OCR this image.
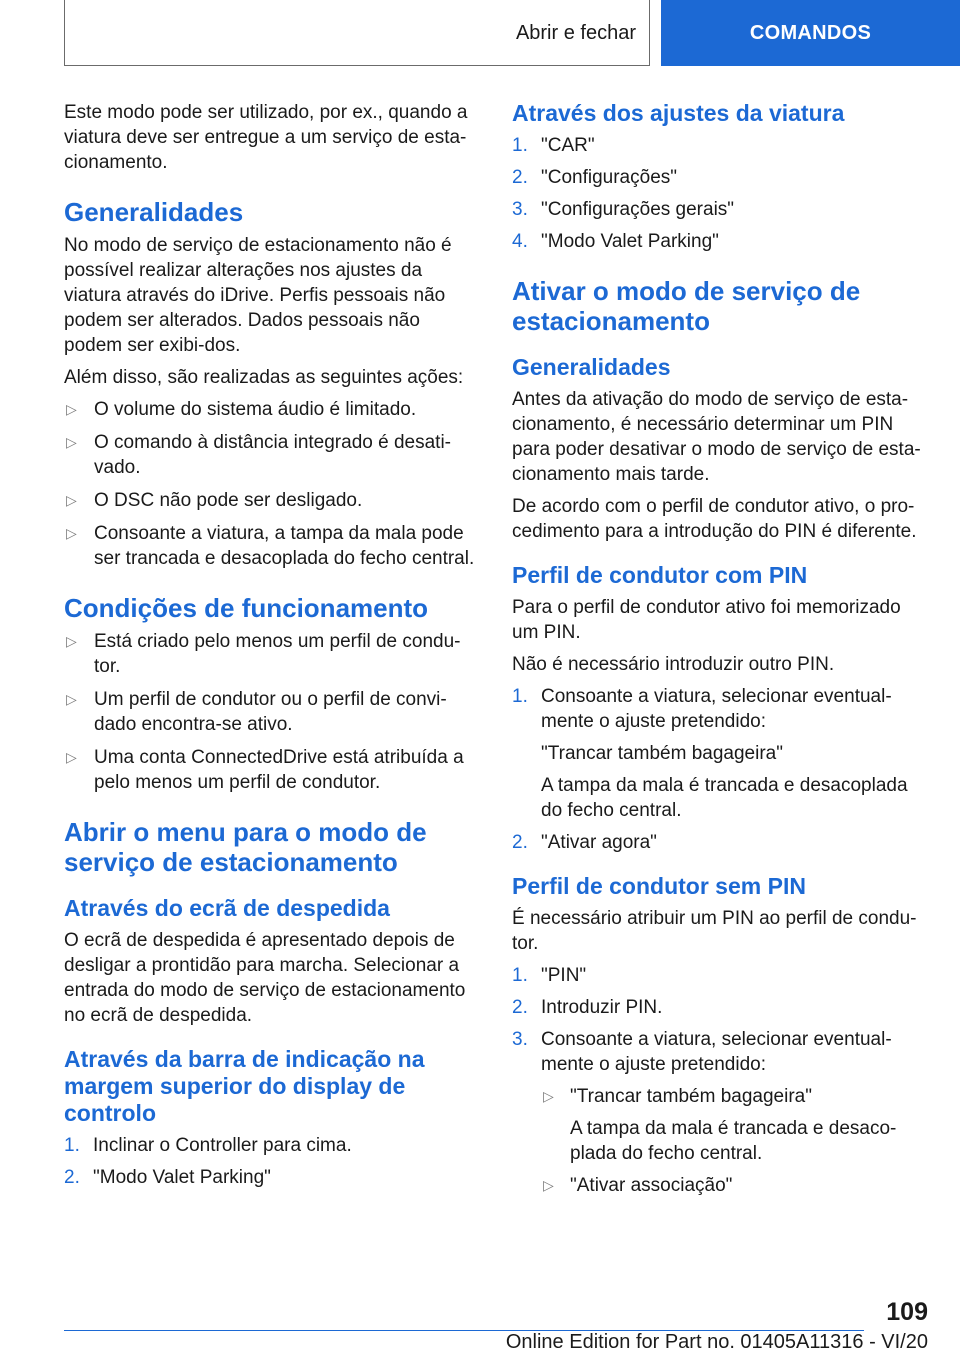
Abrir e fechar	COMANDOS

Este modo pode ser utilizado, por ex., quando a viatura deve ser entregue a um serviço de esta-cionamento.

Generalidades

No modo de serviço de estacionamento não é possível realizar alterações nos ajustes da viatura através do iDrive. Perfis pessoais não podem ser alterados. Dados pessoais não podem ser exibi-dos.

Além disso, são realizadas as seguintes ações:

▷ O volume do sistema áudio é limitado.
▷ O comando à distância integrado é desati-vado.
▷ O DSC não pode ser desligado.
▷ Consoante a viatura, a tampa da mala pode ser trancada e desacoplada do fecho central.
Condições de funcionamento
▷ Está criado pelo menos um perfil de condu-tor.
▷ Um perfil de condutor ou o perfil de convi-dado encontra-se ativo.
▷ Uma conta ConnectedDrive está atribuída a pelo menos um perfil de condutor.
Abrir o menu para o modo de serviço de estacionamento
Através do ecrã de despedida

O ecrã de despedida é apresentado depois de desligar a prontidão para marcha. Selecionar a entrada do modo de serviço de estacionamento no ecrã de despedida.

Através da barra de indicação na margem superior do display de controlo
1. Inclinar o Controller para cima.
2. "Modo Valet Parking"
Através dos ajustes da viatura
1. "CAR"
2. "Configurações"
3. "Configurações gerais"
4. "Modo Valet Parking"
Ativar o modo de serviço de estacionamento
Generalidades

Antes da ativação do modo de serviço de esta-cionamento, é necessário determinar um PIN para poder desativar o modo de serviço de esta-cionamento mais tarde.

De acordo com o perfil de condutor ativo, o pro-cedimento para a introdução do PIN é diferente.

Perfil de condutor com PIN

Para o perfil de condutor ativo foi memorizado um PIN.

Não é necessário introduzir outro PIN.

1. Consoante a viatura, selecionar eventual-mente o ajuste pretendido:
"Trancar também bagageira"
A tampa da mala é trancada e desacoplada do fecho central.
2. "Ativar agora"
Perfil de condutor sem PIN

É necessário atribuir um PIN ao perfil de condu-tor.

1. "PIN"
2. Introduzir PIN.
3. Consoante a viatura, selecionar eventual-mente o ajuste pretendido:
▷ "Trancar também bagageira"
A tampa da mala é trancada e desaco-plada do fecho central.
▷ "Ativar associação"
109
Online Edition for Part no. 01405A11316 - VI/20
